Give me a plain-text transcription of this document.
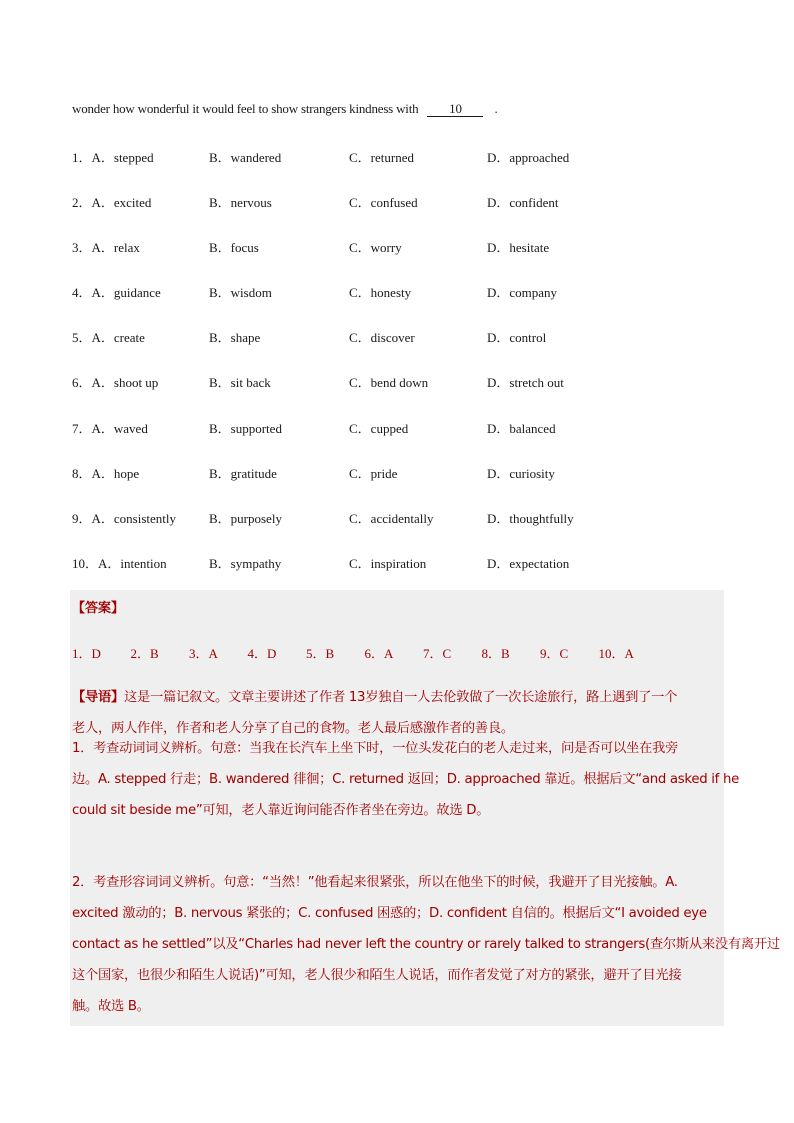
wonder how wonderful it would feel to show strangers kindness with 10	.
1．A．stepped	B．wandered	C．returned	D．approached
2．A．excited	B．nervous	C．confused	D．confident
3．A．relax	B．focus	C．worry	D．hesitate
4．A．guidance	B．wisdom	C．honesty	D．company
5．A．create	B．shape	C．discover	D．control
6．A．shoot up	B．sit back	C．bend down	D．stretch out
7．A．waved	B．supported	C．cupped	D．balanced
8．A．hope	B．gratitude	C．pride	D．curiosity
9．A．consistently	B．purposely	C．accidentally	D．thoughtfully
10．A．intention	B．sympathy	C．inspiration	D．expectation
【答案】
1．D 2．B 3．A 4．D 5．B 6．A 7．C 8．B 9．C 10．A
【导语】这是一篇记叙文。文章主要讲述了作者 13岁独自一人去伦敦做了一次长途旅行，路上遇到了一个
老人，两人作伴，作者和老人分享了自己的食物。老人最后感激作者的善良。
1．考查动词词义辨析。句意：当我在长汽车上坐下时，一位头发花白的老人走过来，问是否可以坐在我旁
边。A. stepped 行走；B. wandered 徘徊；C. returned 返回；D. approached 靠近。根据后文“and asked if he
could sit beside me”可知，老人靠近询问能否作者坐在旁边。故选 D。
2．考查形容词词义辨析。句意：“当然！”他看起来很紧张，所以在他坐下的时候，我避开了目光接触。A.
excited 激动的；B. nervous 紧张的；C. confused 困惑的；D. confident 自信的。根据后文“I avoided eye
contact as he settled”以及“Charles had never left the country or rarely talked to strangers(查尔斯从来没有离开过
这个国家，也很少和陌生人说话)”可知，老人很少和陌生人说话，而作者发觉了对方的紧张，避开了目光接
触。故选 B。
